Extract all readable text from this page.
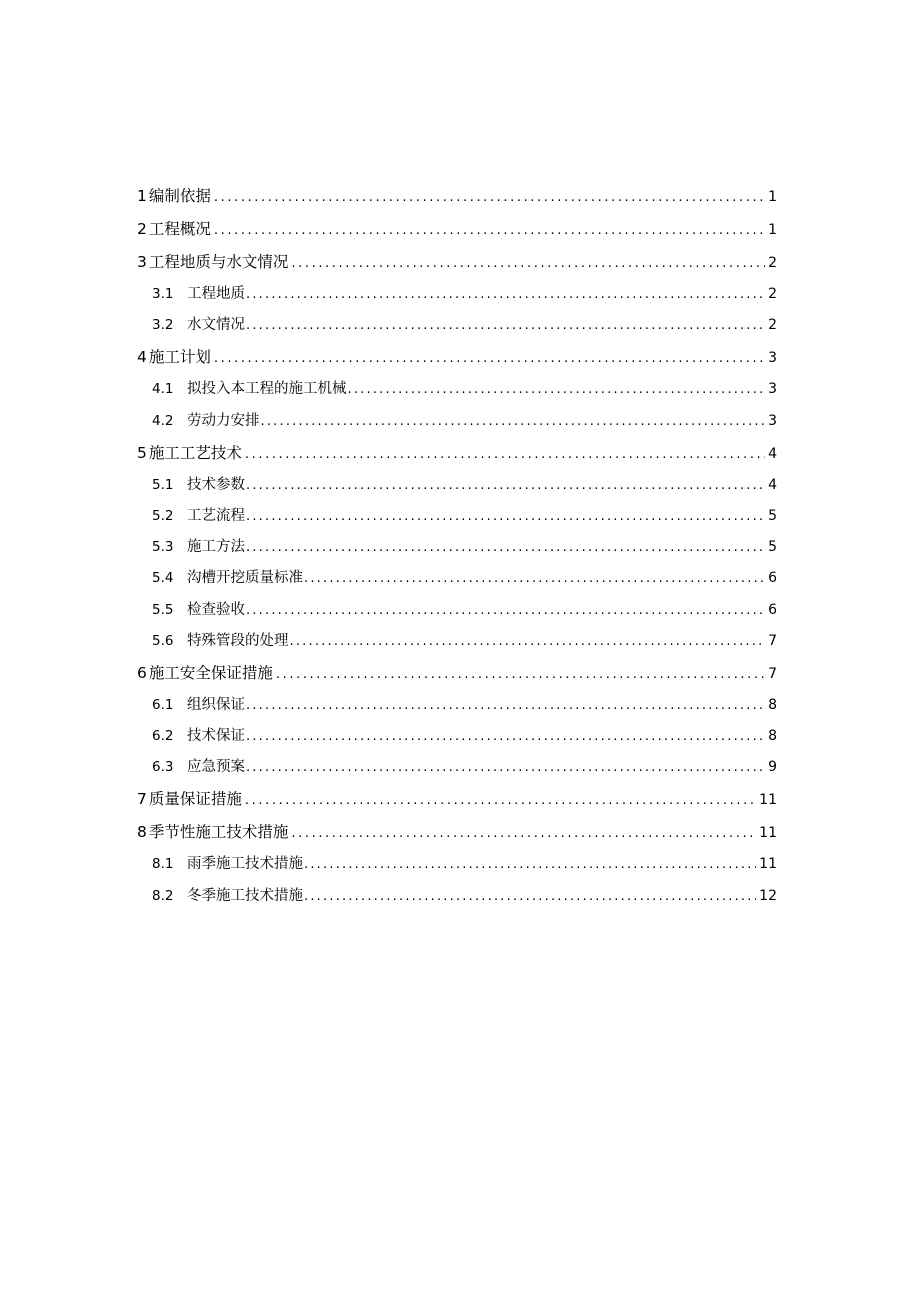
1 编制依据 .....	1
2 工程概况 .....	1
3 工程地质与水文情况 .....	2
3.1 工程地质 .....	2
3.2 水文情况 .....	2
4 施工计划 .....	3
4.1 拟投入本工程的施工机械 .....	3
4.2 劳动力安排 .....	3
5 施工工艺技术 .....	4
5.1 技术参数 .....	4
5.2 工艺流程 .....	5
5.3 施工方法 .....	5
5.4 沟槽开挖质量标准 .....	6
5.5 检查验收 .....	6
5.6 特殊管段的处理 .....	7
6 施工安全保证措施 .....	7
6.1 组织保证 .....	8
6.2 技术保证 .....	8
6.3 应急预案 .....	9
7 质量保证措施 .....	11
8 季节性施工技术措施 .....	11
8.1 雨季施工技术措施 .....	11
8.2 冬季施工技术措施 .....	12
